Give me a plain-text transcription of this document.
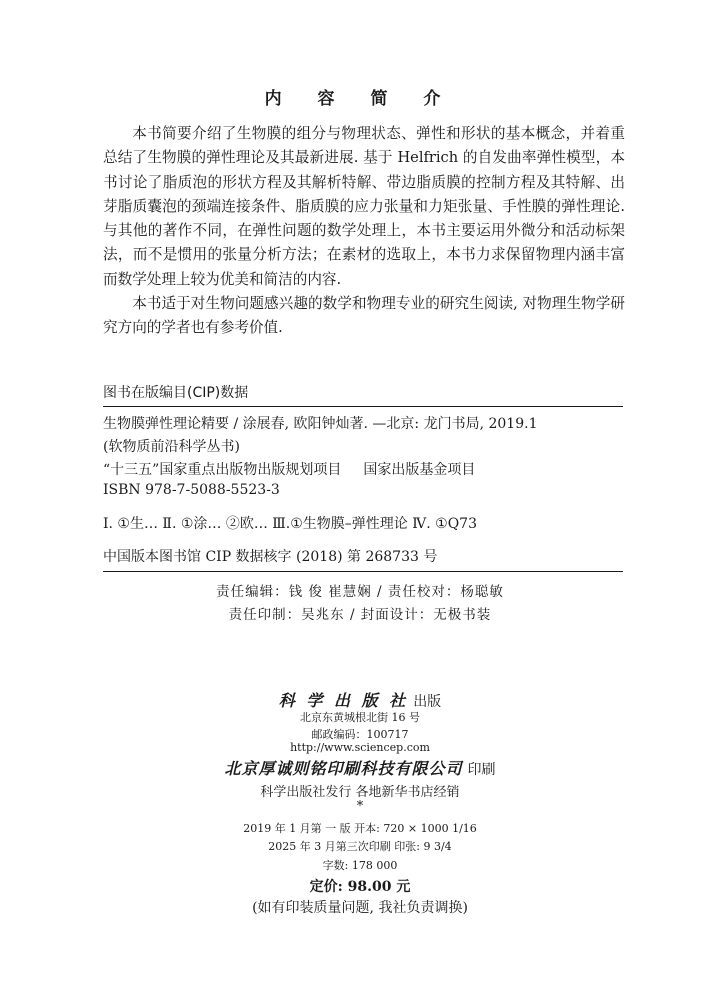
内 容 简 介

本书简要介绍了生物膜的组分与物理状态、弹性和形状的基本概念，并着重总结了生物膜的弹性理论及其最新进展. 基于 Helfrich 的自发曲率弹性模型，本书讨论了脂质泡的形状方程及其解析特解、带边脂质膜的控制方程及其特解、出芽脂质囊泡的颈端连接条件、脂质膜的应力张量和力矩张量、手性膜的弹性理论. 与其他的著作不同，在弹性问题的数学处理上，本书主要运用外微分和活动标架法，而不是惯用的张量分析方法；在素材的选取上，本书力求保留物理内涵丰富而数学处理上较为优美和简洁的内容.

本书适于对生物问题感兴趣的数学和物理专业的研究生阅读, 对物理生物学研究方向的学者也有参考价值.

图书在版编目(CIP)数据
生物膜弹性理论精要 / 涂展春, 欧阳钟灿著. —北京: 龙门书局, 2019.1
(软物质前沿科学丛书)
“十三五”国家重点出版物出版规划项目 国家出版基金项目
ISBN 978-7-5088-5523-3
Ⅰ. ①生… Ⅱ. ①涂… ②欧… Ⅲ.①生物膜–弹性理论 Ⅳ. ①Q73
中国版本图书馆 CIP 数据核字 (2018) 第 268733 号
责任编辑：钱 俊 崔慧娴 / 责任校对：杨聪敏
责任印制：吴兆东 / 封面设计：无极书装
科 学 出 版 社 出版
北京东黄城根北街 16 号
邮政编码：100717
http://www.sciencep.com
北京厚诚则铭印刷科技有限公司 印刷
科学出版社发行 各地新华书店经销
*
2019 年 1 月第 一 版 开本: 720 × 1000 1/16
2025 年 3 月第三次印刷 印张: 9 3/4
字数: 178 000
定价: 98.00 元
(如有印装质量问题, 我社负责调换)
